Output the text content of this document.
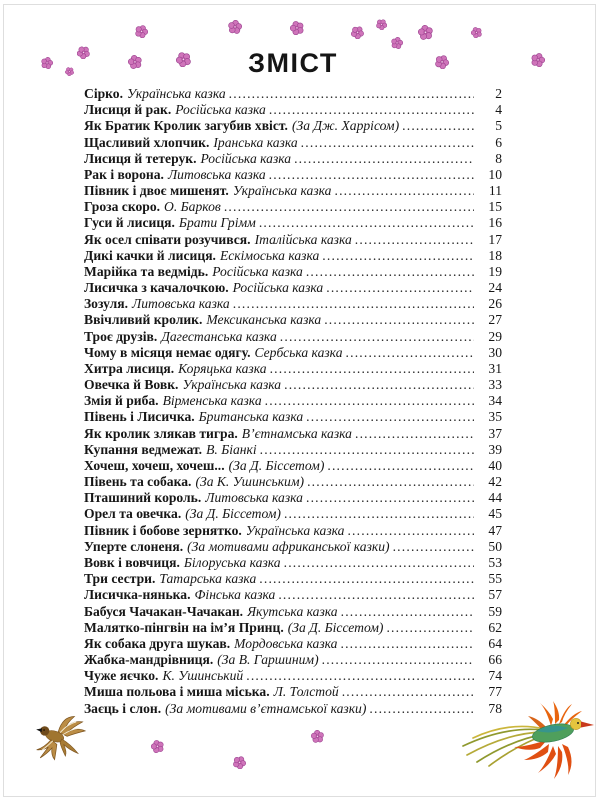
ЗМІСТ
Сірко. Українська казка .....	2
Лисиця й рак. Російська казка .....	4
Як Братик Кролик загубив хвіст. (За Дж. Харрісом) .....	5
Щасливий хлопчик. Іранська казка .....	6
Лисиця й тетерук. Російська казка .....	8
Рак і ворона. Литовська казка .....	10
Півник і двоє мишенят. Українська казка .....	11
Гроза скоро. О. Барков .....	15
Гуси й лисиця. Брати Грімм .....	16
Як осел співати розучився. Італійська казка .....	17
Дикі качки й лисиця. Ескімоська казка .....	18
Марійка та ведмідь. Російська казка .....	19
Лисичка з качалочкою. Російська казка .....	24
Зозуля. Литовська казка .....	26
Ввічливий кролик. Мексиканська казка .....	27
Троє друзів. Дагестанська казка .....	29
Чому в місяця немає одягу. Сербська казка .....	30
Хитра лисиця. Коряцька казка .....	31
Овечка й Вовк. Українська казка .....	33
Змія й риба. Вірменська казка .....	34
Півень і Лисичка. Британська казка .....	35
Як кролик злякав тигра. В’єтнамська казка .....	37
Купання ведмежат. В. Біанкі .....	39
Хочеш, хочеш, хочеш... (За Д. Біссетом) .....	40
Півень та собака. (За К. Ушинським) .....	42
Пташиний король. Литовська казка .....	44
Орел та овечка. (За Д. Біссетом) .....	45
Півник і бобове зернятко. Українська казка .....	47
Уперте слоненя. (За мотивами африканської казки) .....	50
Вовк і вовчиця. Білоруська казка .....	53
Три сестри. Татарська казка .....	55
Лисичка-нянька. Фінська казка .....	57
Бабуся Чачакан-Чачакан. Якутська казка .....	59
Малятко-пінгвін на ім’я Принц. (За Д. Біссетом) .....	62
Як собака друга шукав. Мордовська казка .....	64
Жабка-мандрівниця. (За В. Гаршиним) .....	66
Чуже яєчко. К. Ушинський .....	74
Миша польова і миша міська. Л. Толстой .....	77
Заєць і слон. (За мотивами в’єтнамської казки) .....	78
